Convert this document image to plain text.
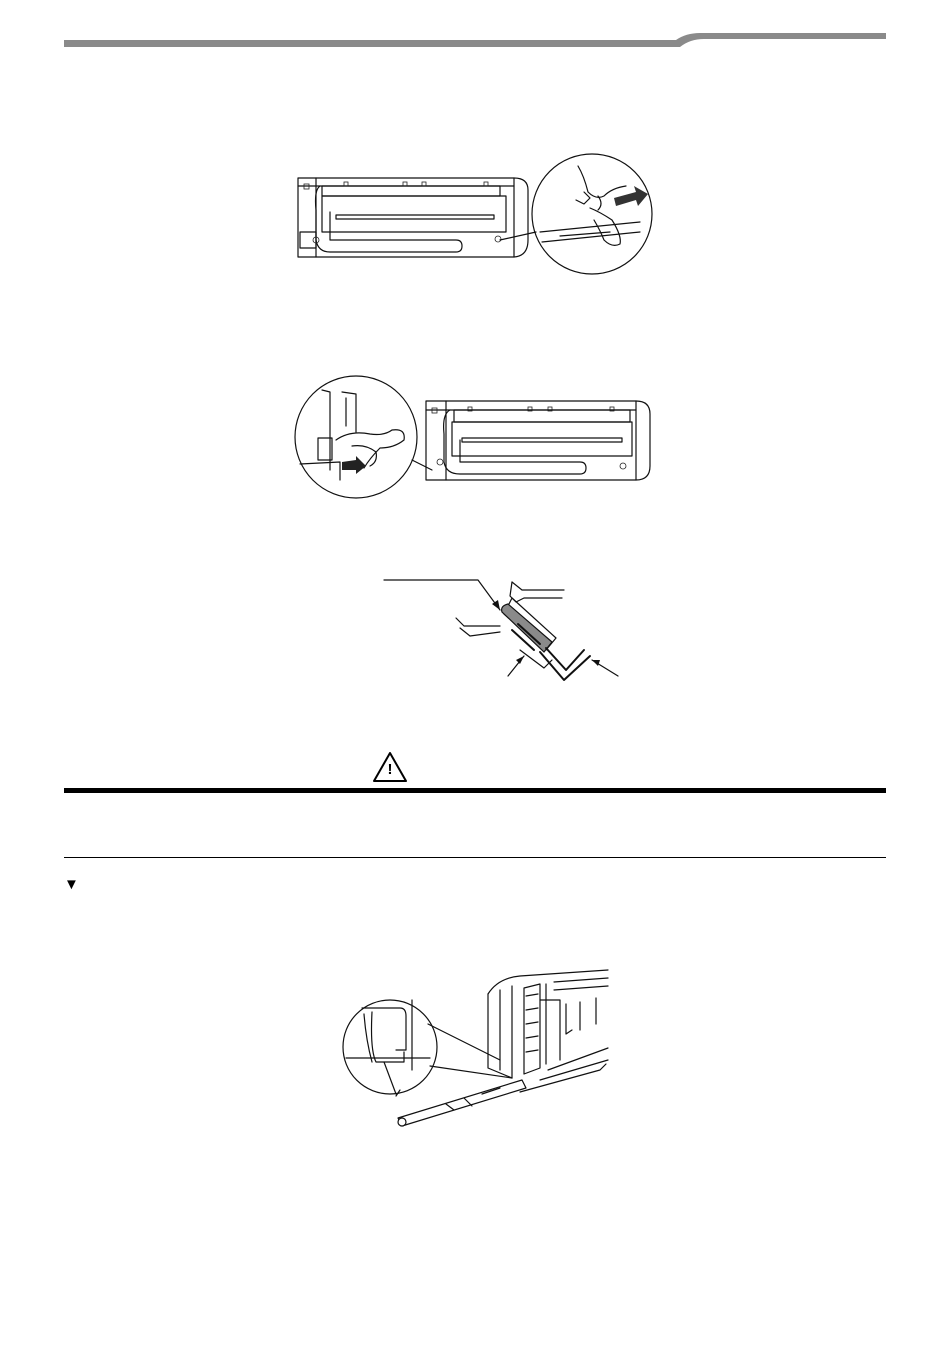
!
▼
